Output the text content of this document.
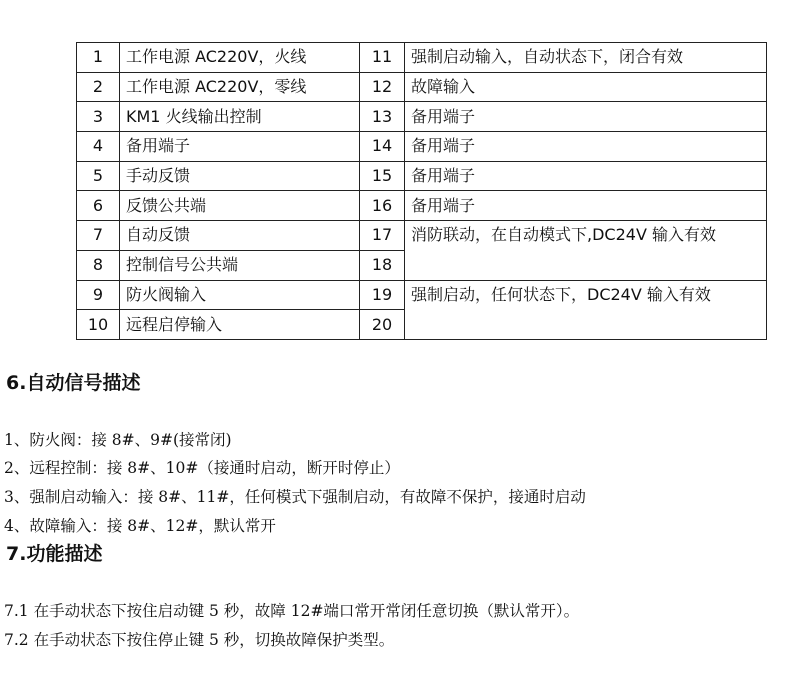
1	工作电源 AC220V，火线	11	强制启动输入，自动状态下，闭合有效
2	工作电源 AC220V，零线	12	故障输入
3	KM1 火线输出控制	13	备用端子
4	备用端子	14	备用端子
5	手动反馈	15	备用端子
6	反馈公共端	16	备用端子
7	自动反馈	17	消防联动，在自动模式下,DC24V 输入有效
8	控制信号公共端	18	
9	防火阀输入	19	强制启动，任何状态下，DC24V 输入有效
10	远程启停输入	20	
6.自动信号描述

1、防火阀：接 8#、9#(接常闭)

2、远程控制：接 8#、10#（接通时启动，断开时停止）

3、强制启动输入：接 8#、11#，任何模式下强制启动，有故障不保护，接通时启动

4、故障输入：接 8#、12#，默认常开

7.功能描述

7.1 在手动状态下按住启动键 5 秒，故障 12#端口常开常闭任意切换（默认常开）。

7.2 在手动状态下按住停止键 5 秒，切换故障保护类型。
